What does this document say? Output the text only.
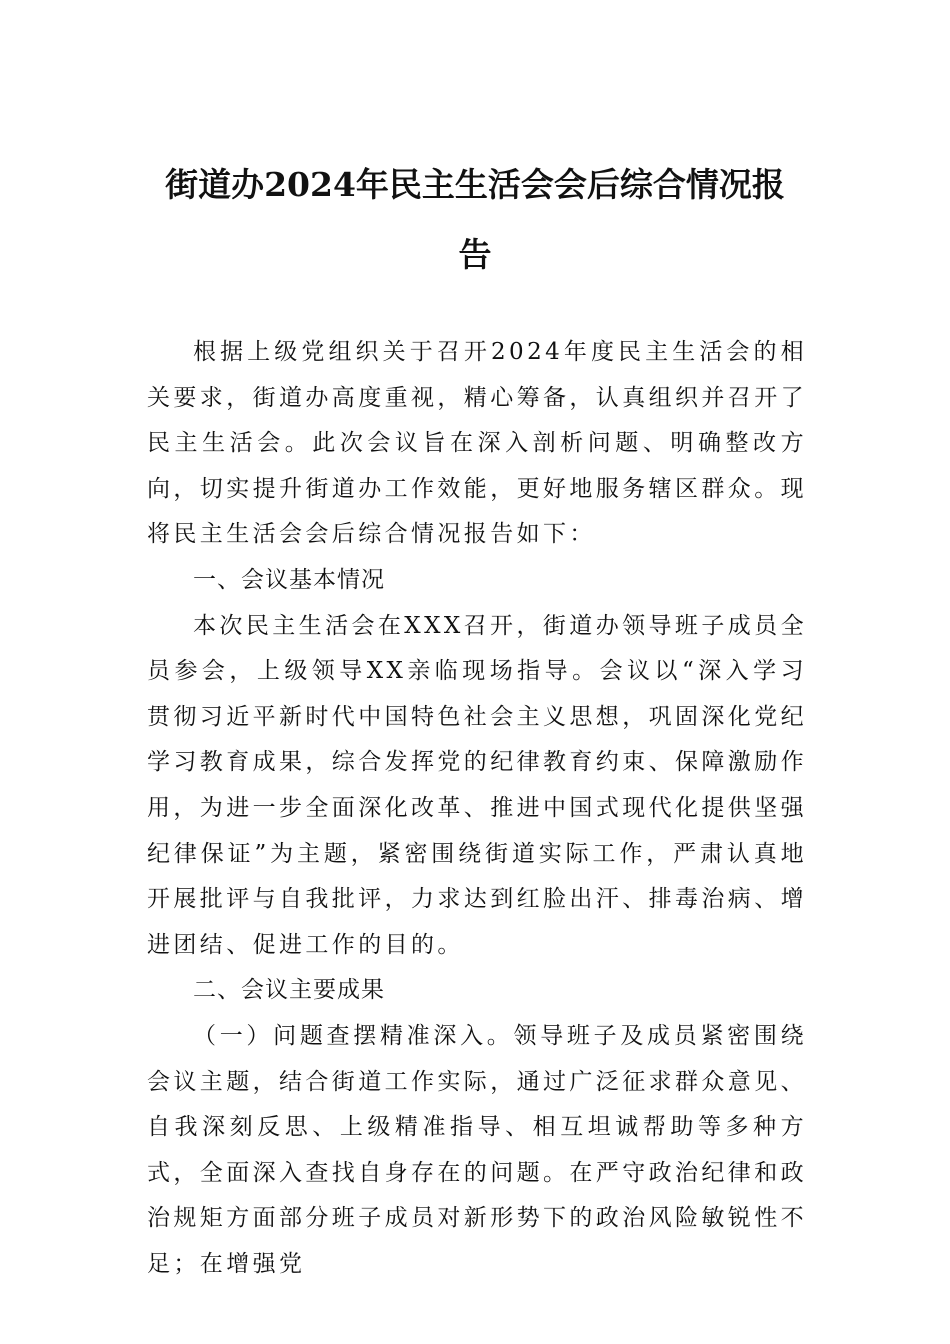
街道办2024年民主生活会会后综合情况报
告

根据上级党组织关于召开2024年度民主生活会的相关要求，街道办高度重视，精心筹备，认真组织并召开了民主生活会。此次会议旨在深入剖析问题、明确整改方向，切实提升街道办工作效能，更好地服务辖区群众。现将民主生活会会后综合情况报告如下：

一、会议基本情况

本次民主生活会在XXX召开，街道办领导班子成员全员参会，上级领导XX亲临现场指导。会议以“深入学习贯彻习近平新时代中国特色社会主义思想，巩固深化党纪学习教育成果，综合发挥党的纪律教育约束、保障激励作用，为进一步全面深化改革、推进中国式现代化提供坚强纪律保证”为主题，紧密围绕街道实际工作，严肃认真地开展批评与自我批评，力求达到红脸出汗、排毒治病、增进团结、促进工作的目的。

二、会议主要成果

（一）问题查摆精准深入。领导班子及成员紧密围绕会议主题，结合街道工作实际，通过广泛征求群众意见、自我深刻反思、上级精准指导、相互坦诚帮助等多种方式，全面深入查找自身存在的问题。在严守政治纪律和政治规矩方面部分班子成员对新形势下的政治风险敏锐性不足；在增强党
